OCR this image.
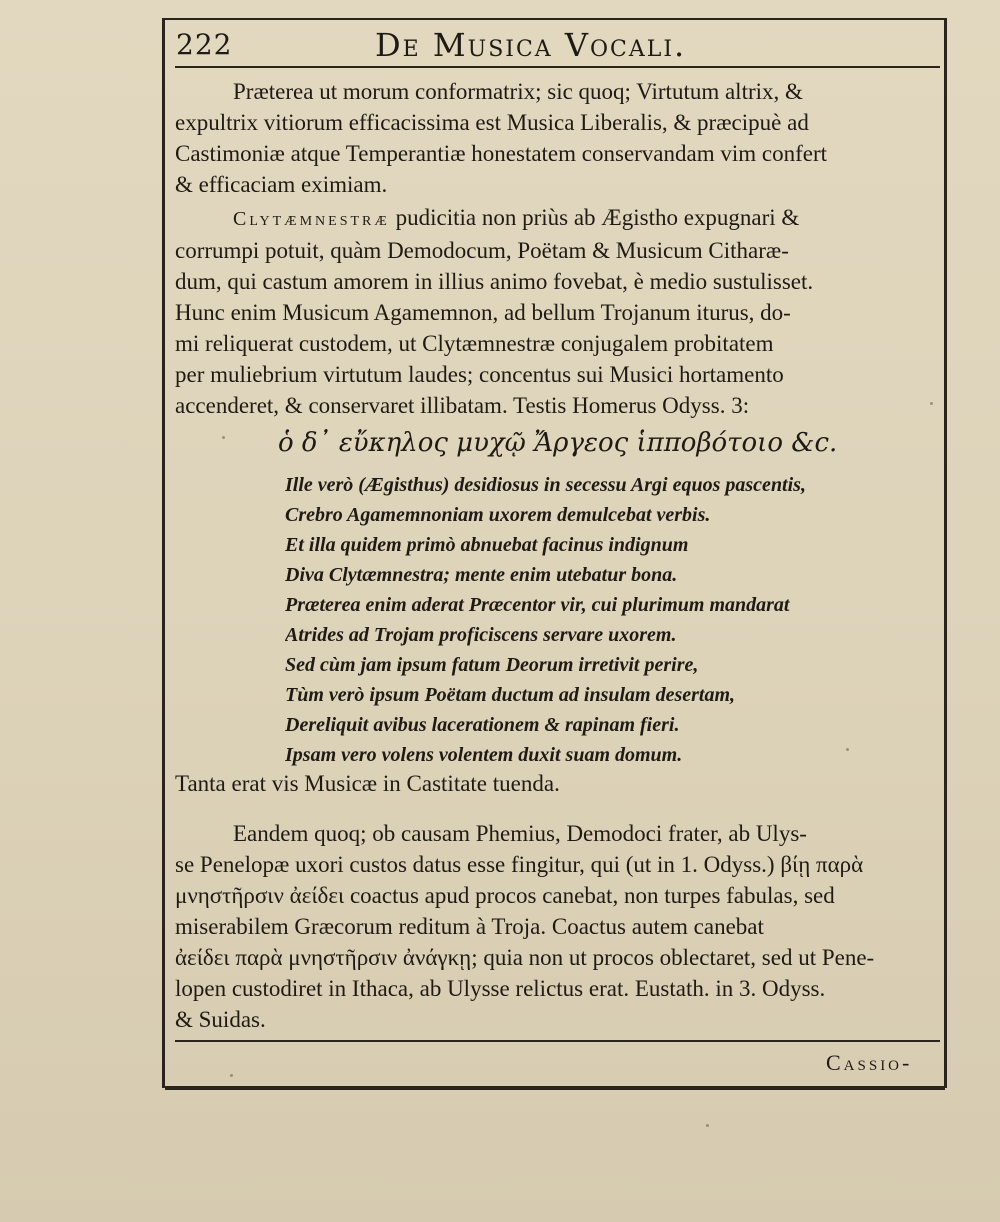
222	De Musica Vocali.
Præterea ut morum conformatrix; sic quoq; Virtutum altrix, &
expultrix vitiorum efficacissima est Musica Liberalis, & præcipuè ad
Castimoniæ atque Temperantiæ honestatem conservandam vim confert
& efficaciam eximiam.
Clytæmnestræ pudicitia non priùs ab Ægistho expugnari &
corrumpi potuit, quàm Demodocum, Poëtam & Musicum Citharæ-
dum, qui castum amorem in illius animo fovebat, è medio sustulisset.
Hunc enim Musicum Agamemnon, ad bellum Trojanum iturus, do-
mi reliquerat custodem, ut Clytæmnestræ conjugalem probitatem
per muliebrium virtutum laudes; concentus sui Musici hortamento
accenderet, & conservaret illibatam. Testis Homerus Odyss. 3:
ὁ δ᾽ εὔκηλος μυχῷ Ἄργεος ἱπποβότοιο &c.
Ille verò (Ægisthus) desidiosus in secessu Argi equos pascentis,
Crebro Agamemnoniam uxorem demulcebat verbis.
Et illa quidem primò abnuebat facinus indignum
Diva Clytæmnestra; mente enim utebatur bona.
Præterea enim aderat Præcentor vir, cui plurimum mandarat
Atrides ad Trojam proficiscens servare uxorem.
Sed cùm jam ipsum fatum Deorum irretivit perire,
Tùm verò ipsum Poëtam ductum ad insulam desertam,
Dereliquit avibus lacerationem & rapinam fieri.
Ipsam vero volens volentem duxit suam domum.
Tanta erat vis Musicæ in Castitate tuenda.
Eandem quoq; ob causam Phemius, Demodoci frater, ab Ulys-
se Penelopæ uxori custos datus esse fingitur, qui (ut in 1. Odyss.) βίῃ παρὰ
μνηστῆρσιν ἀείδει coactus apud procos canebat, non turpes fabulas, sed
miserabilem Græcorum reditum à Troja. Coactus autem canebat
ἀείδει παρὰ μνηστῆρσιν ἀνάγκῃ; quia non ut procos oblectaret, sed ut Pene-
lopen custodiret in Ithaca, ab Ulysse relictus erat. Eustath. in 3. Odyss.
& Suidas.
Cassio-
